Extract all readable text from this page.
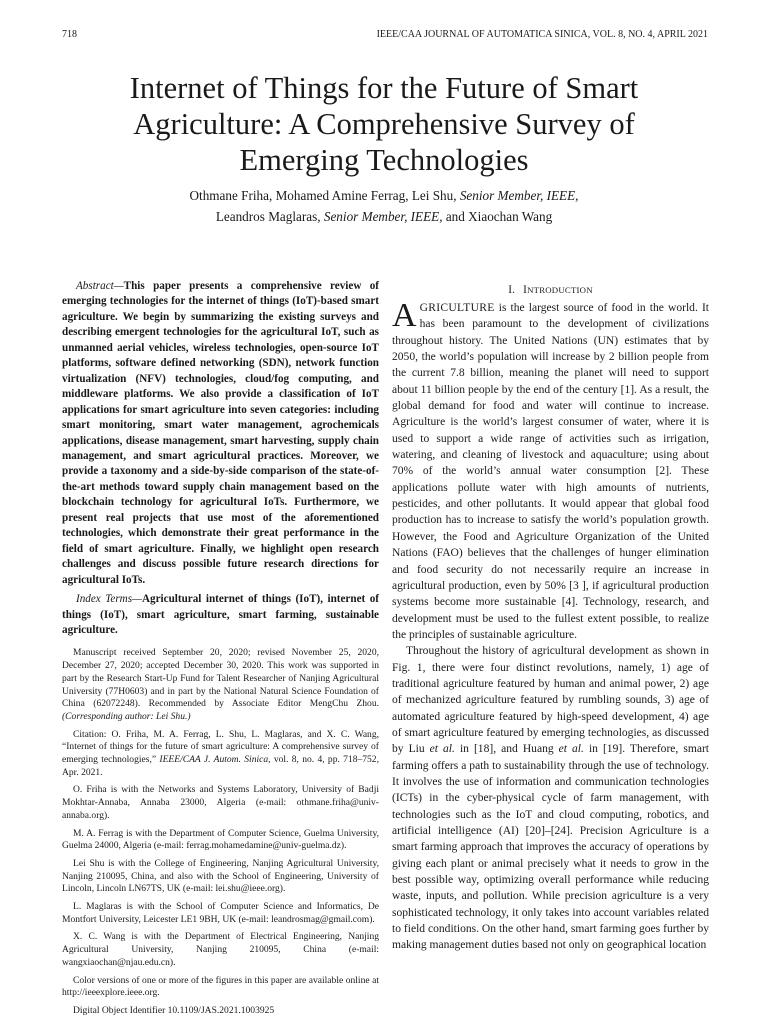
718	IEEE/CAA JOURNAL OF AUTOMATICA SINICA, VOL. 8, NO. 4, APRIL 2021
Internet of Things for the Future of Smart
Agriculture: A Comprehensive Survey of
Emerging Technologies
Othmane Friha, Mohamed Amine Ferrag, Lei Shu, Senior Member, IEEE,
Leandros Maglaras, Senior Member, IEEE, and Xiaochan Wang

Abstract—This paper presents a comprehensive review of emerging technologies for the internet of things (IoT)-based smart agriculture. We begin by summarizing the existing surveys and describing emergent technologies for the agricultural IoT, such as unmanned aerial vehicles, wireless technologies, open-source IoT platforms, software defined networking (SDN), network function virtualization (NFV) technologies, cloud/fog computing, and middleware platforms. We also provide a classification of IoT applications for smart agriculture into seven categories: including smart monitoring, smart water management, agrochemicals applications, disease management, smart harvesting, supply chain management, and smart agricultural practices. Moreover, we provide a taxonomy and a side-by-side comparison of the state-of-the-art methods toward supply chain management based on the blockchain technology for agricultural IoTs. Furthermore, we present real projects that use most of the aforementioned technologies, which demonstrate their great performance in the field of smart agriculture. Finally, we highlight open research challenges and discuss possible future research directions for agricultural IoTs.

Index Terms—Agricultural internet of things (IoT), internet of things (IoT), smart agriculture, smart farming, sustainable agriculture.

Manuscript received September 20, 2020; revised November 25, 2020, December 27, 2020; accepted December 30, 2020. This work was supported in part by the Research Start-Up Fund for Talent Researcher of Nanjing Agricultural University (77H0603) and in part by the National Natural Science Foundation of China (62072248). Recommended by Associate Editor MengChu Zhou. (Corresponding author: Lei Shu.)

Citation: O. Friha, M. A. Ferrag, L. Shu, L. Maglaras, and X. C. Wang, “Internet of things for the future of smart agriculture: A comprehensive survey of emerging technologies,” IEEE/CAA J. Autom. Sinica, vol. 8, no. 4, pp. 718–752, Apr. 2021.

O. Friha is with the Networks and Systems Laboratory, University of Badji Mokhtar-Annaba, Annaba 23000, Algeria (e-mail: othmane.friha@univ-annaba.org).

M. A. Ferrag is with the Department of Computer Science, Guelma University, Guelma 24000, Algeria (e-mail: ferrag.mohamedamine@univ-guelma.dz).

Lei Shu is with the College of Engineering, Nanjing Agricultural University, Nanjing 210095, China, and also with the School of Engineering, University of Lincoln, Lincoln LN67TS, UK (e-mail: lei.shu@ieee.org).

L. Maglaras is with the School of Computer Science and Informatics, De Montfort University, Leicester LE1 9BH, UK (e-mail: leandrosmag@gmail.com).

X. C. Wang is with the Department of Electrical Engineering, Nanjing Agricultural University, Nanjing 210095, China (e-mail: wangxiaochan@njau.edu.cn).

Color versions of one or more of the figures in this paper are available online at http://ieeexplore.ieee.org.

Digital Object Identifier 10.1109/JAS.2021.1003925

I. INTRODUCTION

AGRICULTURE is the largest source of food in the world. It has been paramount to the development of civilizations throughout history. The United Nations (UN) estimates that by 2050, the world’s population will increase by 2 billion people from the current 7.8 billion, meaning the planet will need to support about 11 billion people by the end of the century [1]. As a result, the global demand for food and water will continue to increase. Agriculture is the world’s largest consumer of water, where it is used to support a wide range of activities such as irrigation, watering, and cleaning of livestock and aquaculture; using about 70% of the world’s annual water consumption [2]. These applications pollute water with high amounts of nutrients, pesticides, and other pollutants. It would appear that global food production has to increase to satisfy the world’s population growth. However, the Food and Agriculture Organization of the United Nations (FAO) believes that the challenges of hunger elimination and food security do not necessarily require an increase in agricultural production, even by 50% [3 ], if agricultural production systems become more sustainable [4]. Technology, research, and development must be used to the fullest extent possible, to realize the principles of sustainable agriculture.

Throughout the history of agricultural development as shown in Fig. 1, there were four distinct revolutions, namely, 1) age of traditional agriculture featured by human and animal power, 2) age of mechanized agriculture featured by rumbling sounds, 3) age of automated agriculture featured by high-speed development, 4) age of smart agriculture featured by emerging technologies, as discussed by Liu et al. in [18], and Huang et al. in [19]. Therefore, smart farming offers a path to sustainability through the use of technology. It involves the use of information and communication technologies (ICTs) in the cyber-physical cycle of farm management, with technologies such as the IoT and cloud computing, robotics, and artificial intelligence (AI) [20]–[24]. Precision Agriculture is a smart farming approach that improves the accuracy of operations by giving each plant or animal precisely what it needs to grow in the best possible way, optimizing overall performance while reducing waste, inputs, and pollution. While precision agriculture is a very sophisticated technology, it only takes into account variables related to field conditions. On the other hand, smart farming goes further by making management duties based not only on geographical location
